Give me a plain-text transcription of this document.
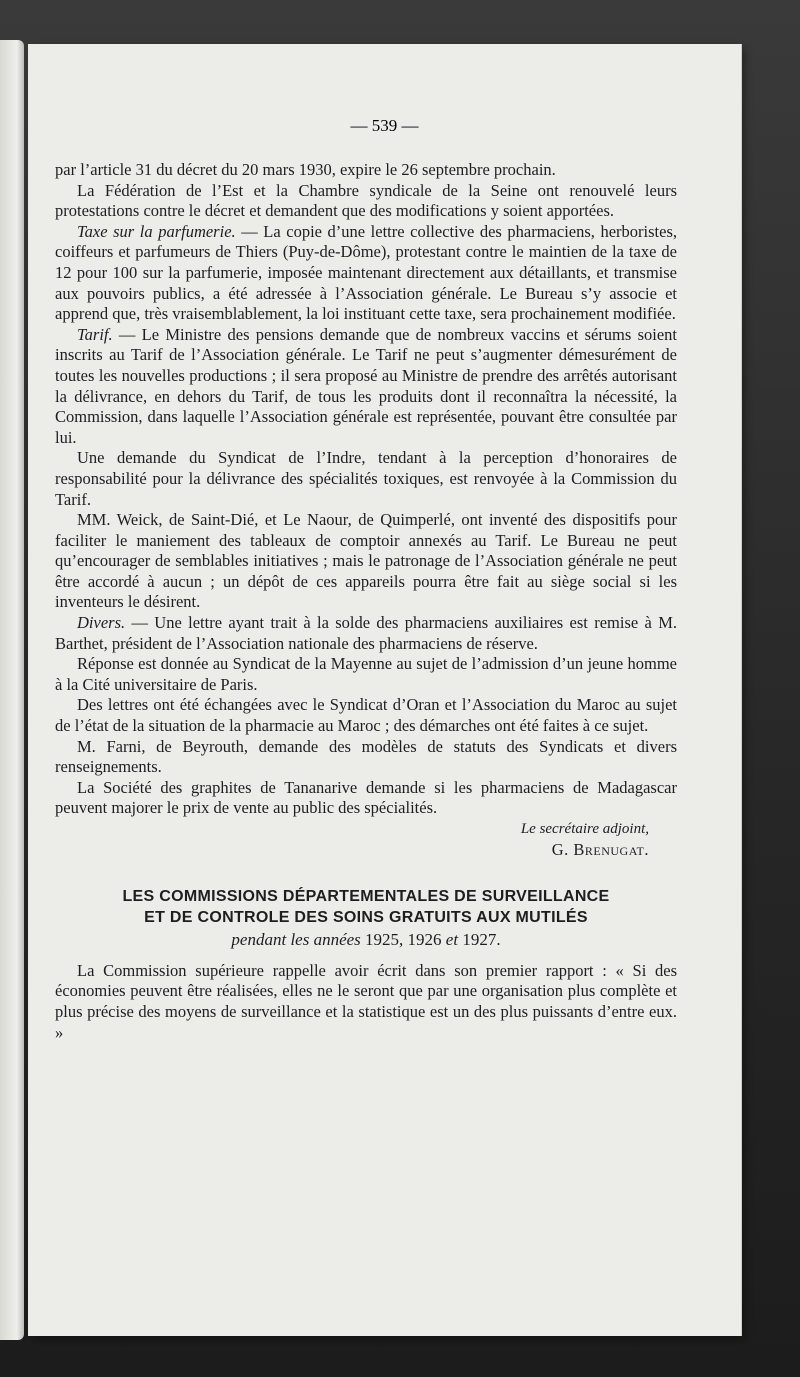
— 539 —

par l’article 31 du décret du 20 mars 1930, expire le 26 septembre prochain.

La Fédération de l’Est et la Chambre syndicale de la Seine ont renouvelé leurs protestations contre le décret et demandent que des modifications y soient apportées.

Taxe sur la parfumerie. — La copie d’une lettre collective des pharmaciens, herboristes, coiffeurs et parfumeurs de Thiers (Puy-de-Dôme), protestant contre le maintien de la taxe de 12 pour 100 sur la parfumerie, imposée maintenant directement aux détaillants, et transmise aux pouvoirs publics, a été adressée à l’Association générale. Le Bureau s’y associe et apprend que, très vraisemblablement, la loi instituant cette taxe, sera prochainement modifiée.

Tarif. — Le Ministre des pensions demande que de nombreux vaccins et sérums soient inscrits au Tarif de l’Association générale. Le Tarif ne peut s’augmenter démesurément de toutes les nouvelles productions ; il sera proposé au Ministre de prendre des arrêtés autorisant la délivrance, en dehors du Tarif, de tous les produits dont il reconnaîtra la nécessité, la Commission, dans laquelle l’Association générale est représentée, pouvant être consultée par lui.

Une demande du Syndicat de l’Indre, tendant à la perception d’honoraires de responsabilité pour la délivrance des spécialités toxiques, est renvoyée à la Commission du Tarif.

MM. Weick, de Saint-Dié, et Le Naour, de Quimperlé, ont inventé des dispositifs pour faciliter le maniement des tableaux de comptoir annexés au Tarif. Le Bureau ne peut qu’encourager de semblables initiatives ; mais le patronage de l’Association générale ne peut être accordé à aucun ; un dépôt de ces appareils pourra être fait au siège social si les inventeurs le désirent.

Divers. — Une lettre ayant trait à la solde des pharmaciens auxiliaires est remise à M. Barthet, président de l’Association nationale des pharmaciens de réserve.

Réponse est donnée au Syndicat de la Mayenne au sujet de l’admission d’un jeune homme à la Cité universitaire de Paris.

Des lettres ont été échangées avec le Syndicat d’Oran et l’Association du Maroc au sujet de l’état de la situation de la pharmacie au Maroc ; des démarches ont été faites à ce sujet.

M. Farni, de Beyrouth, demande des modèles de statuts des Syndicats et divers renseignements.

La Société des graphites de Tananarive demande si les pharmaciens de Madagascar peuvent majorer le prix de vente au public des spécialités.

Le secrétaire adjoint,
G. Brenugat.
LES COMMISSIONS DÉPARTEMENTALES DE SURVEILLANCE
ET DE CONTROLE DES SOINS GRATUITS AUX MUTILÉS
pendant les années 1925, 1926 et 1927.

La Commission supérieure rappelle avoir écrit dans son premier rapport : « Si des économies peuvent être réalisées, elles ne le seront que par une organisation plus complète et plus précise des moyens de surveillance et la statistique est un des plus puissants d’entre eux. »
